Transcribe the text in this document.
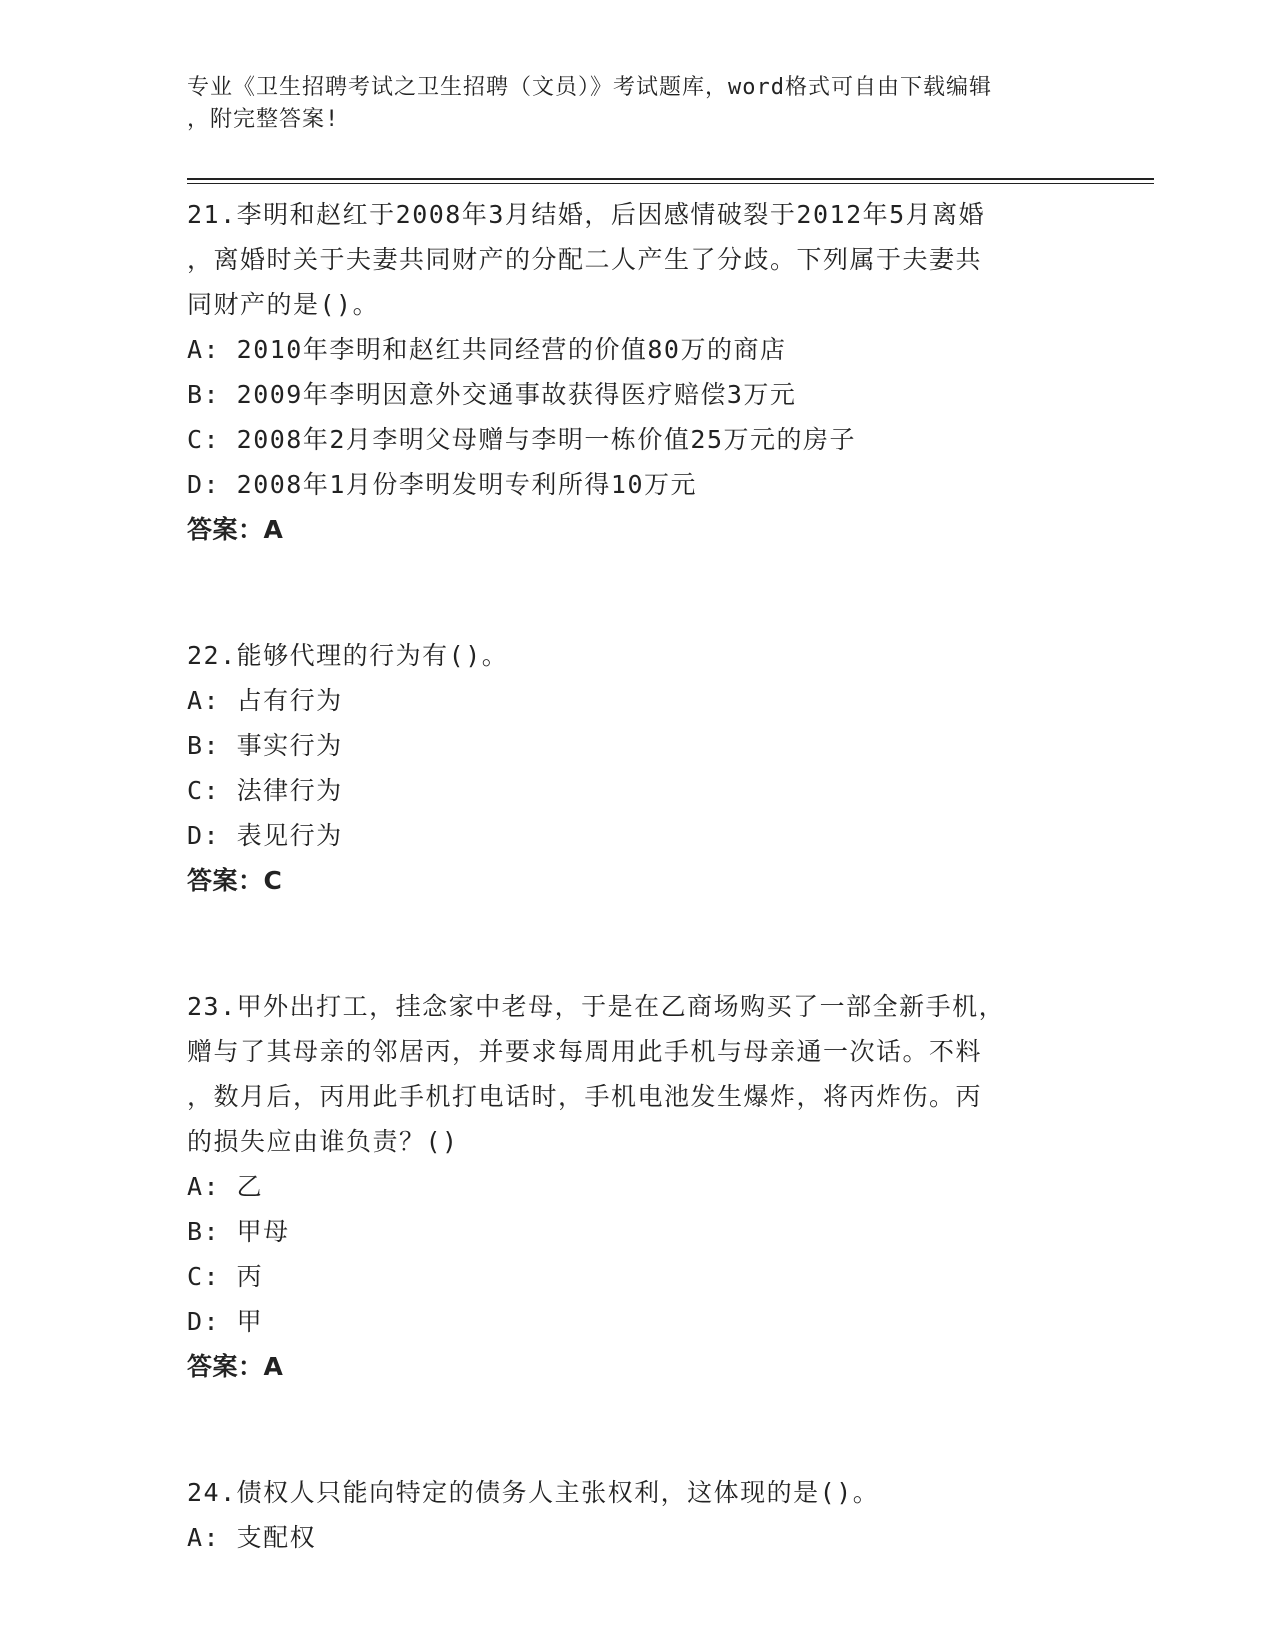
专业《卫生招聘考试之卫生招聘（文员）》考试题库，word格式可自由下载编辑
，附完整答案!
21.李明和赵红于2008年3月结婚，后因感情破裂于2012年5月离婚
，离婚时关于夫妻共同财产的分配二人产生了分歧。下列属于夫妻共
同财产的是()。
A: 2010年李明和赵红共同经营的价值80万的商店
B: 2009年李明因意外交通事故获得医疗赔偿3万元
C: 2008年2月李明父母赠与李明一栋价值25万元的房子
D: 2008年1月份李明发明专利所得10万元
答案：A
22.能够代理的行为有()。
A: 占有行为
B: 事实行为
C: 法律行为
D: 表见行为
答案：C
23.甲外出打工，挂念家中老母，于是在乙商场购买了一部全新手机，
赠与了其母亲的邻居丙，并要求每周用此手机与母亲通一次话。不料
，数月后，丙用此手机打电话时，手机电池发生爆炸，将丙炸伤。丙
的损失应由谁负责？()
A: 乙
B: 甲母
C: 丙
D: 甲
答案：A
24.债权人只能向特定的债务人主张权利，这体现的是()。
A: 支配权
